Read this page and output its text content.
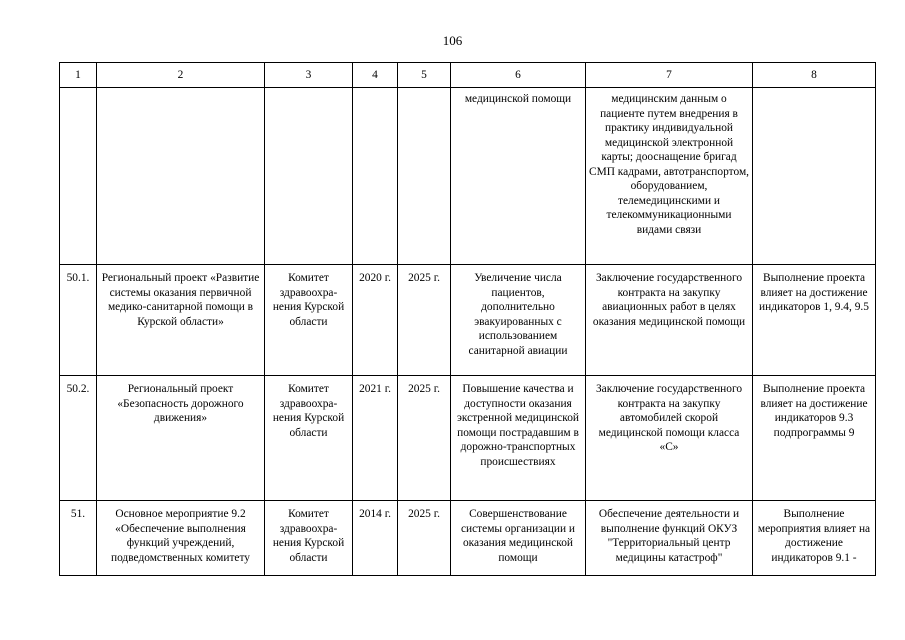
106
1	2	3	4	5	6	7	8
					медицинской помощи	медицинским данным о пациенте путем внедрения в практику индивидуальной медицинской электронной карты; дооснащение бригад СМП кадрами, автотранспортом, оборудованием, телемедицинскими и телекоммуникационными видами связи	
50.1.	Региональный проект «Развитие системы оказания первичной медико-санитарной помощи в Курской области»	Комитет здравоохра-нения Курской области	2020 г.	2025 г.	Увеличение числа пациентов, дополнительно эвакуированных с использованием санитарной авиации	Заключение государственного контракта на закупку авиационных работ в целях оказания медицинской помощи	Выполнение проекта влияет на достижение индикаторов 1, 9.4, 9.5
50.2.	Региональный проект «Безопасность дорожного движения»	Комитет здравоохра-нения Курской области	2021 г.	2025 г.	Повышение качества и доступности оказания экстренной медицинской помощи пострадавшим в дорожно-транспортных происшествиях	Заключение государственного контракта на закупку автомобилей скорой медицинской помощи класса «С»	Выполнение проекта влияет на достижение индикаторов 9.3 подпрограммы 9
51.	Основное мероприятие 9.2 «Обеспечение выполнения функций учреждений, подведомственных комитету	Комитет здравоохра-нения Курской области	2014 г.	2025 г.	Совершенствование системы организации и оказания медицинской помощи	Обеспечение деятельности и выполнение функций ОКУЗ "Территориальный центр медицины катастроф"	Выполнение мероприятия влияет на достижение индикаторов 9.1 -
